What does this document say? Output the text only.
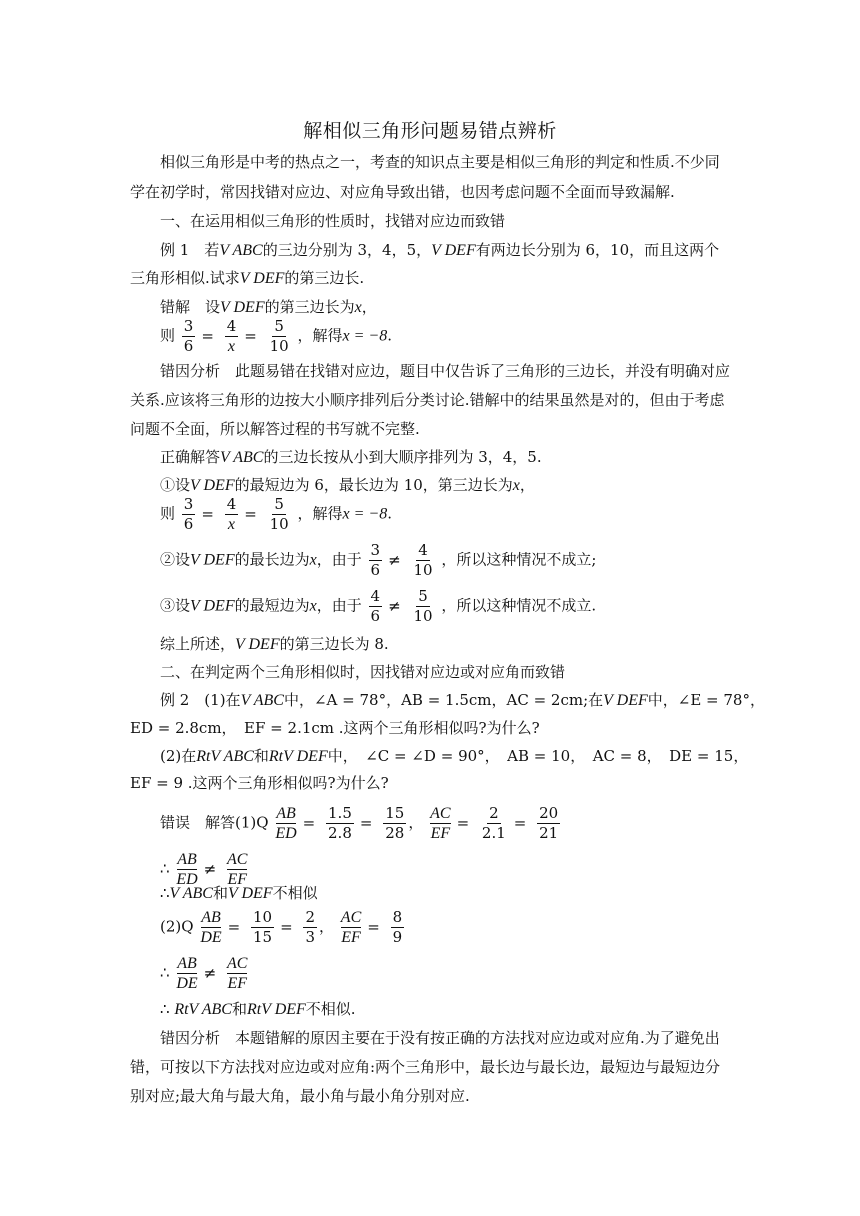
解相似三角形问题易错点辨析
相似三角形是中考的热点之一，考查的知识点主要是相似三角形的判定和性质.不少同
学在初学时，常因找错对应边、对应角导致出错，也因考虑问题不全面而导致漏解.
一、在运用相似三角形的性质时，找错对应边而致错
例 1　若V ABC的三边分别为 3，4，5，V DEF有两边长分别为 6，10，而且这两个
三角形相似.试求V DEF的第三边长.
错解　设V DEF的第三边长为x，
则 $\frac{3}{6} = \frac{4}{x} = \frac{5}{10}$ ，解得x = −8.
错因分析　此题易错在找错对应边，题目中仅告诉了三角形的三边长，并没有明确对应
关系.应该将三角形的边按大小顺序排列后分类讨论.错解中的结果虽然是对的，但由于考虑
问题不全面，所以解答过程的书写就不完整.
正确解答V ABC的三边长按从小到大顺序排列为 3，4，5.
①设V DEF的最短边为 6，最长边为 10，第三边长为x，
则 $\frac{3}{6} = \frac{4}{x} = \frac{5}{10}$ ，解得x = −8.
②设V DEF的最长边为x，由于 $\frac{3}{6} \ne \frac{4}{10}$ ，所以这种情况不成立;
③设V DEF的最短边为x，由于 $\frac{4}{6} \ne \frac{5}{10}$ ，所以这种情况不成立.
综上所述，V DEF的第三边长为 8.
二、在判定两个三角形相似时，因找错对应边或对应角而致错
例 2　(1)在V ABC中，∠A = 78°，AB = 1.5cm，AC = 2cm;在V DEF中，∠E = 78°，
ED = 2.8cm，　EF = 2.1cm .这两个三角形相似吗?为什么?
(2)在RtV ABC和RtV DEF中，　∠C = ∠D = 90°，　AB = 10，　AC = 8，　DE = 15，
EF = 9 .这两个三角形相似吗?为什么?
错误　解答$(1)Q \frac{AB}{ED} = \frac{1.5}{2.8} = \frac{15}{28}$ ， $\frac{AC}{EF} = \frac{2}{2.1} = \frac{20}{21}$
∴ $\frac{AB}{ED} \ne \frac{AC}{EF}$
∴V ABC和V DEF不相似
$(2)Q \frac{AB}{DE} = \frac{10}{15} = \frac{2}{3}$ ， $\frac{AC}{EF} = \frac{8}{9}$
∴ $\frac{AB}{DE} \ne \frac{AC}{EF}$
∴ RtV ABC和RtV DEF不相似.
错因分析　本题错解的原因主要在于没有按正确的方法找对应边或对应角.为了避免出
错，可按以下方法找对应边或对应角:两个三角形中，最长边与最长边，最短边与最短边分
别对应;最大角与最大角，最小角与最小角分别对应.
